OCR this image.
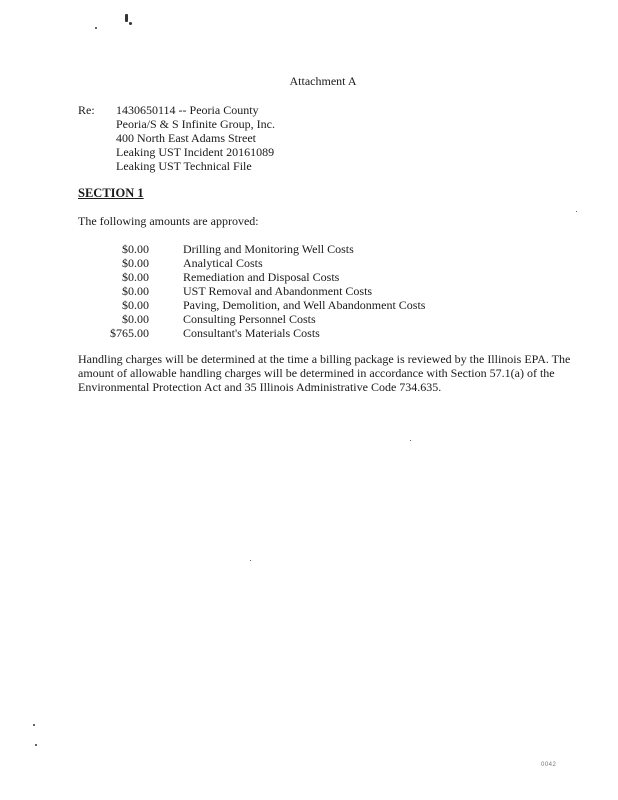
Attachment A
Re: 1430650114 -- Peoria County
Peoria/S & S Infinite Group, Inc.
400 North East Adams Street
Leaking UST Incident 20161089
Leaking UST Technical File
SECTION 1
The following amounts are approved:
$0.00	Drilling and Monitoring Well Costs
$0.00	Analytical Costs
$0.00	Remediation and Disposal Costs
$0.00	UST Removal and Abandonment Costs
$0.00	Paving, Demolition, and Well Abandonment Costs
$0.00	Consulting Personnel Costs
$765.00	Consultant's Materials Costs
Handling charges will be determined at the time a billing package is reviewed by the Illinois EPA. The amount of allowable handling charges will be determined in accordance with Section 57.1(a) of the Environmental Protection Act and 35 Illinois Administrative Code 734.635.
0042
